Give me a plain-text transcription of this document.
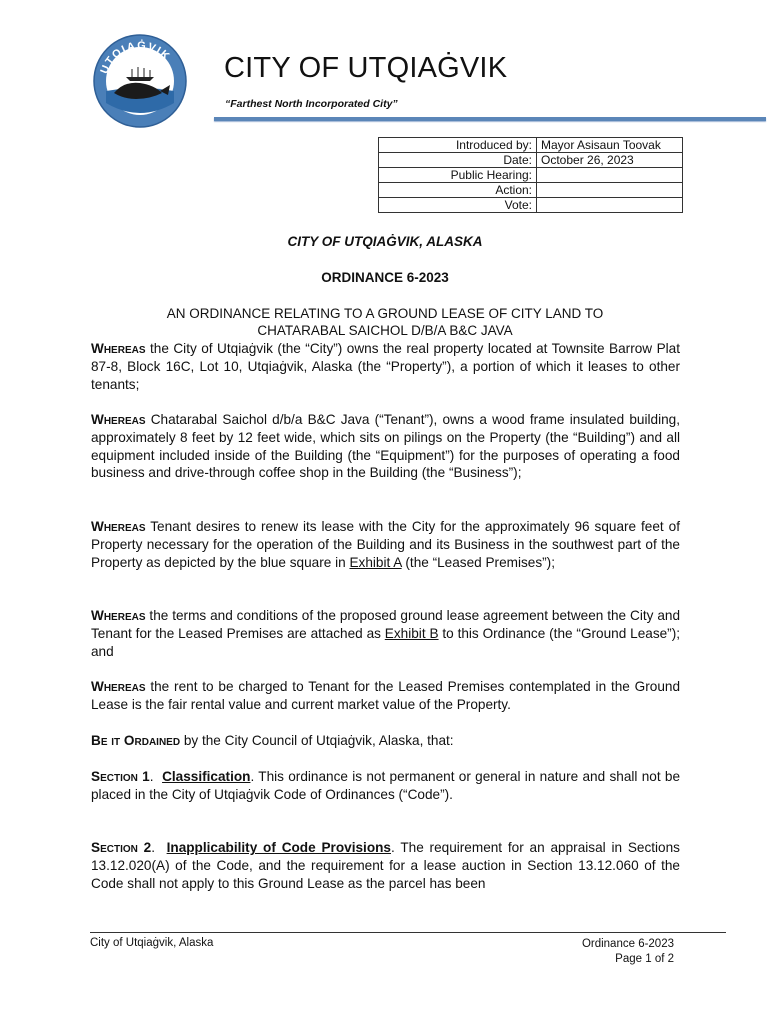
UTQIAĠVIK CITY OF UTQIAĠVIK
“Farthest North Incorporated City”
Introduced by:	Mayor Asisaun Toovak
Date:	October 26, 2023
Public Hearing:	
Action:	
Vote:	
CITY OF UTQIAĠVIK, ALASKA
ORDINANCE 6-2023
AN ORDINANCE RELATING TO A GROUND LEASE OF CITY LAND TO
CHATARABAL SAICHOL D/B/A B&C JAVA

Whereas the City of Utqiaġvik (the “City”) owns the real property located at Townsite Barrow Plat 87-8, Block 16C, Lot 10, Utqiaġvik, Alaska (the “Property”), a portion of which it leases to other tenants;

Whereas Chatarabal Saichol d/b/a B&C Java (“Tenant”), owns a wood frame insulated building, approximately 8 feet by 12 feet wide, which sits on pilings on the Property (the “Building”) and all equipment included inside of the Building (the “Equipment”) for the purposes of operating a food business and drive-through coffee shop in the Building (the “Business”);

Whereas Tenant desires to renew its lease with the City for the approximately 96 square feet of Property necessary for the operation of the Building and its Business in the southwest part of the Property as depicted by the blue square in Exhibit A (the “Leased Premises”);

Whereas the terms and conditions of the proposed ground lease agreement between the City and Tenant for the Leased Premises are attached as Exhibit B to this Ordinance (the “Ground Lease”); and

Whereas the rent to be charged to Tenant for the Leased Premises contemplated in the Ground Lease is the fair rental value and current market value of the Property.

Be it Ordained by the City Council of Utqiaġvik, Alaska, that:

Section 1.  Classification. This ordinance is not permanent or general in nature and shall not be placed in the City of Utqiaġvik Code of Ordinances (“Code”).

Section 2.  Inapplicability of Code Provisions. The requirement for an appraisal in Sections 13.12.020(A) of the Code, and the requirement for a lease auction in Section 13.12.060 of the Code shall not apply to this Ground Lease as the parcel has been

City of Utqiaġvik, Alaska	Ordinance 6-2023
Page 1 of 2
